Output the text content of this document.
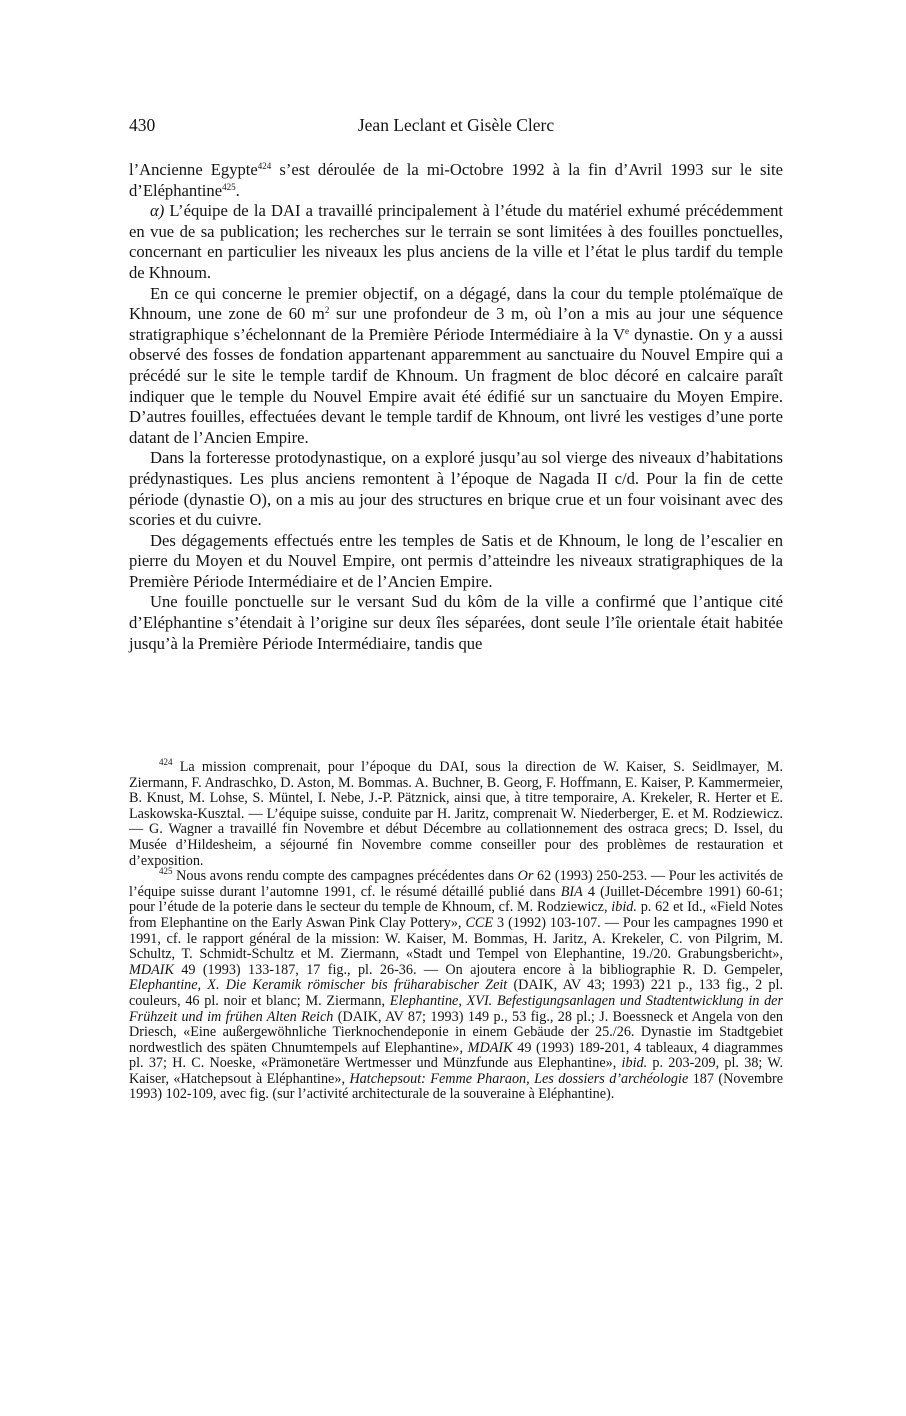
430	Jean Leclant et Gisèle Clerc

l’Ancienne Egypte$^{424}$ s’est déroulée de la mi-Octobre 1992 à la fin d’Avril 1993 sur le site d’Eléphantine$^{425}$.

α) L’équipe de la DAI a travaillé principalement à l’étude du matériel exhumé précédemment en vue de sa publication; les recherches sur le terrain se sont limitées à des fouilles ponctuelles, concernant en particulier les niveaux les plus anciens de la ville et l’état le plus tardif du temple de Khnoum.

En ce qui concerne le premier objectif, on a dégagé, dans la cour du temple ptolémaïque de Khnoum, une zone de 60 $m^2$ sur une profondeur de 3 m, où l’on a mis au jour une séquence stratigraphique s’échelonnant de la Première Période Intermédiaire à la Ve dynastie. On y a aussi observé des fosses de fondation appartenant apparemment au sanctuaire du Nouvel Empire qui a précédé sur le site le temple tardif de Khnoum. Un fragment de bloc décoré en calcaire paraît indiquer que le temple du Nouvel Empire avait été édifié sur un sanctuaire du Moyen Empire. D’autres fouilles, effectuées devant le temple tardif de Khnoum, ont livré les vestiges d’une porte datant de l’Ancien Empire.

Dans la forteresse protodynastique, on a exploré jusqu’au sol vierge des niveaux d’habitations prédynastiques. Les plus anciens remontent à l’époque de Nagada II c/d. Pour la fin de cette période (dynastie O), on a mis au jour des structures en brique crue et un four voisinant avec des scories et du cuivre.

Des dégagements effectués entre les temples de Satis et de Khnoum, le long de l’escalier en pierre du Moyen et du Nouvel Empire, ont permis d’atteindre les niveaux stratigraphiques de la Première Période Intermédiaire et de l’Ancien Empire.

Une fouille ponctuelle sur le versant Sud du kôm de la ville a confirmé que l’antique cité d’Eléphantine s’étendait à l’origine sur deux îles séparées, dont seule l’île orientale était habitée jusqu’à la Première Période Intermédiaire, tandis que

$^{424}$ La mission comprenait, pour l’époque du DAI, sous la direction de W. Kaiser, S. Seidlmayer, M. Ziermann, F. Andraschko, D. Aston, M. Bommas. A. Buchner, B. Georg, F. Hoffmann, E. Kaiser, P. Kammermeier, B. Knust, M. Lohse, S. Müntel, I. Nebe, J.-P. Pätznick, ainsi que, à titre temporaire, A. Krekeler, R. Herter et E. Laskowska-Kusztal. — L’équipe suisse, conduite par H. Jaritz, comprenait W. Niederberger, E. et M. Rodziewicz. — G. Wagner a travaillé fin Novembre et début Décembre au collationnement des ostraca grecs; D. Issel, du Musée d’Hildesheim, a séjourné fin Novembre comme conseiller pour des problèmes de restauration et d’exposition.

$^{425}$ Nous avons rendu compte des campagnes précédentes dans Or 62 (1993) 250-253. — Pour les activités de l’équipe suisse durant l’automne 1991, cf. le résumé détaillé publié dans BIA 4 (Juillet-Décembre 1991) 60-61; pour l’étude de la poterie dans le secteur du temple de Khnoum, cf. M. Rodziewicz, ibid. p. 62 et Id., «Field Notes from Elephantine on the Early Aswan Pink Clay Pottery», CCE 3 (1992) 103-107. — Pour les campagnes 1990 et 1991, cf. le rapport général de la mission: W. Kaiser, M. Bommas, H. Jaritz, A. Krekeler, C. von Pilgrim, M. Schultz, T. Schmidt-Schultz et M. Ziermann, «Stadt und Tempel von Elephantine, 19./20. Grabungsbericht», MDAIK 49 (1993) 133-187, 17 fig., pl. 26-36. — On ajoutera encore à la bibliographie R. D. Gempeler, Elephantine, X. Die Keramik römischer bis früharabischer Zeit (DAIK, AV 43; 1993) 221 p., 133 fig., 2 pl. couleurs, 46 pl. noir et blanc; M. Ziermann, Elephantine, XVI. Befestigungsanlagen und Stadtentwicklung in der Frühzeit und im frühen Alten Reich (DAIK, AV 87; 1993) 149 p., 53 fig., 28 pl.; J. Boessneck et Angela von den Driesch, «Eine außergewöhnliche Tierknochendeponie in einem Gebäude der 25./26. Dynastie im Stadtgebiet nordwestlich des späten Chnumtempels auf Elephantine», MDAIK 49 (1993) 189-201, 4 tableaux, 4 diagrammes pl. 37; H. C. Noeske, «Prämonetäre Wertmesser und Münzfunde aus Elephantine», ibid. p. 203-209, pl. 38; W. Kaiser, «Hatchepsout à Eléphantine», Hatchepsout: Femme Pharaon, Les dossiers d’archéologie 187 (Novembre 1993) 102-109, avec fig. (sur l’activité architecturale de la souveraine à Eléphantine).
